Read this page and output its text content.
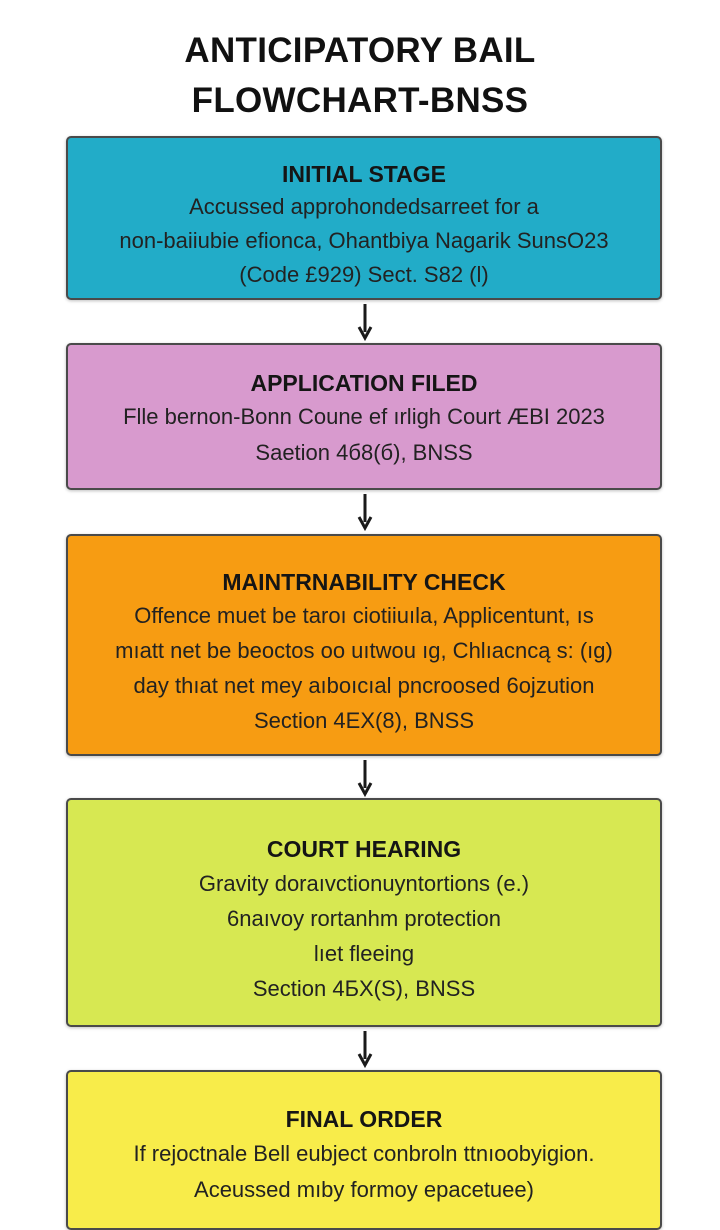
ANTICIPATORY BAIL
FLOWCHART-BNSS
INITIAL STAGE
Accussed approhondedsarreet for a
non-baiiubie efionca, Ohantbiya Nagarik SunsO23
(Code £929) Sect. S82 (l)
APPLICATION FILED
Flle bernon-Bonn Coune ef ırligh Court ÆBI 2023
Saetion 4б8(б), BNSS
MAINTRNABILITY CHECK
Offence muet be taroı ciotiiuıla, Applicentunt, ıs
mıatt net be beoctos oo uıtwou ıg, Chlıacncą s: (ıg)
day thıat net mey aıboıcıal pncroosed 6ojzution
Section 4EX(8), BNSS
COURT HEARING
Gravity doraıvctionuyntortions (e.)
6naıvoy rortanhm protection
lıet fleeing
Section 4БX(S), BNSS
FINAL ORDER
If rejoctnale Bell eubject conbroln ttnıoobyigion.
Aceussed mıby formoy epacetuee)
